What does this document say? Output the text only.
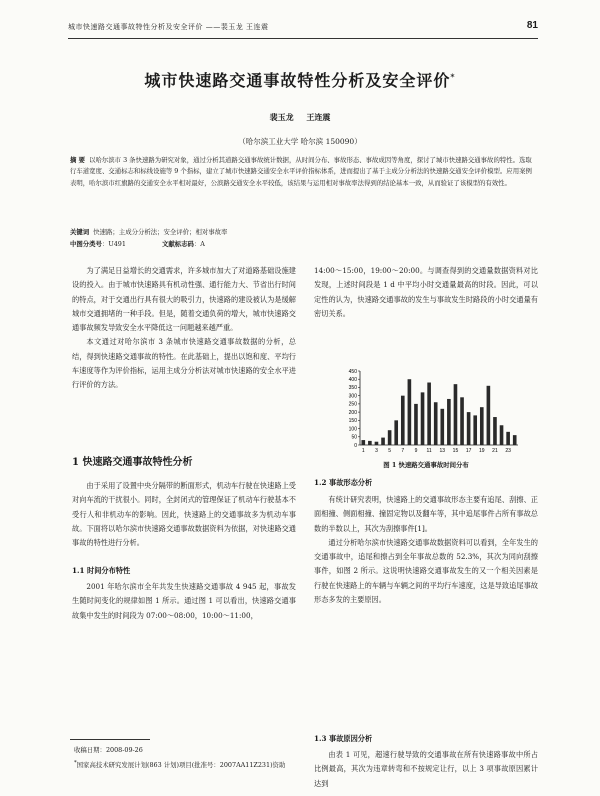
城市快速路交通事故特性分析及安全评价 ——裴玉龙 王连震	81
城市快速路交通事故特性分析及安全评价*
裴玉龙 王连震
（哈尔滨工业大学 哈尔滨 150090）
摘 要 以哈尔滨市 3 条快速路为研究对象，通过分析其道路交通事故统计数据，从时间分布、事故形态、事故成因等角度，探讨了城市快速路交通事故的特性。选取行车道宽度、交通标志和标线设施等 9 个指标，建立了城市快速路交通安全水平评价指标体系，进而提出了基于主成分分析法的快速路交通安全评价模型。应用案例表明，哈尔滨市红旗路的交通安全水平相对最好，公滨路交通安全水平较低，该结果与运用相对事故率法得到的结论基本一致，从而验证了该模型的有效性。
关键词 快速路；主成分分析法；安全评价；相对事故率
中图分类号：U491	文献标志码：A

为了满足日益增长的交通需求，许多城市加大了对道路基础设施建设的投入。由于城市快速路具有机动性强、通行能力大、节省出行时间的特点，对于交通出行具有很大的吸引力，快速路的建设被认为是缓解城市交通拥堵的一种手段。但是，随着交通负荷的增大，城市快速路交通事故频发导致安全水平降低这一问题越来越严重。

本文通过对哈尔滨市 3 条城市快速路交通事故数据的分析，总结，得到快速路交通事故的特性。在此基础上，提出以饱和度、平均行车速度等作为评价指标，运用主成分分析法对城市快速路的安全水平进行评价的方法。

1 快速路交通事故特性分析

由于采用了设置中央分隔带的断面形式，机动车行驶在快速路上受对向车流的干扰很小。同时，全封闭式的管理保证了机动车行驶基本不受行人和非机动车的影响。因此，快速路上的交通事故多为机动车事故。下面将以哈尔滨市快速路交通事故数据资料为依据，对快速路交通事故的特性进行分析。

1.1 时间分布特性

2001 年哈尔滨市全年共发生快速路交通事故 4 945 起，事故发生随时间变化的规律如图 1 所示。通过图 1 可以看出，快速路交通事故集中发生的时间段为 07:00～08:00，10:00～11:00，

14:00～15:00，19:00～20:00。与调查得到的交通量数据资料对比发现，上述时间段是 1 d 中平均小时交通量最高的时段。因此，可以定性的认为，快速路交通事故的发生与事故发生时路段的小时交通量有密切关系。

450
400
350
300
250
200
150
100
50
0
1 3 5 7 9 11 13 15 17 19 21 23
图 1 快速路交通事故时间分布
1.2 事故形态分析

有统计研究表明，快速路上的交通事故形态主要有追尾、刮擦、正面相撞、侧面相撞、撞固定物以及翻车等，其中追尾事件占所有事故总数的半数以上，其次为刮擦事件[1]。

通过分析哈尔滨市快速路交通事故数据资料可以看到，全年发生的交通事故中，追尾和擦占到全年事故总数的 52.3%，其次为同向刮擦事件，如图 2 所示。这说明快速路交通事故发生的又一个相关因素是行驶在快速路上的车辆与车辆之间的平均行车速度，这是导致追尾事故形态多发的主要原因。

1.3 事故原因分析

由表 1 可见，超速行驶导致的交通事故在所有快速路事故中所占比例最高，其次为违章转弯和不按规定让行，以上 3 项事故原因累计达到

收稿日期：2008-09-26
*国家高技术研究发展计划(863 计划)项目(批准号：2007AA11Z231)资助
